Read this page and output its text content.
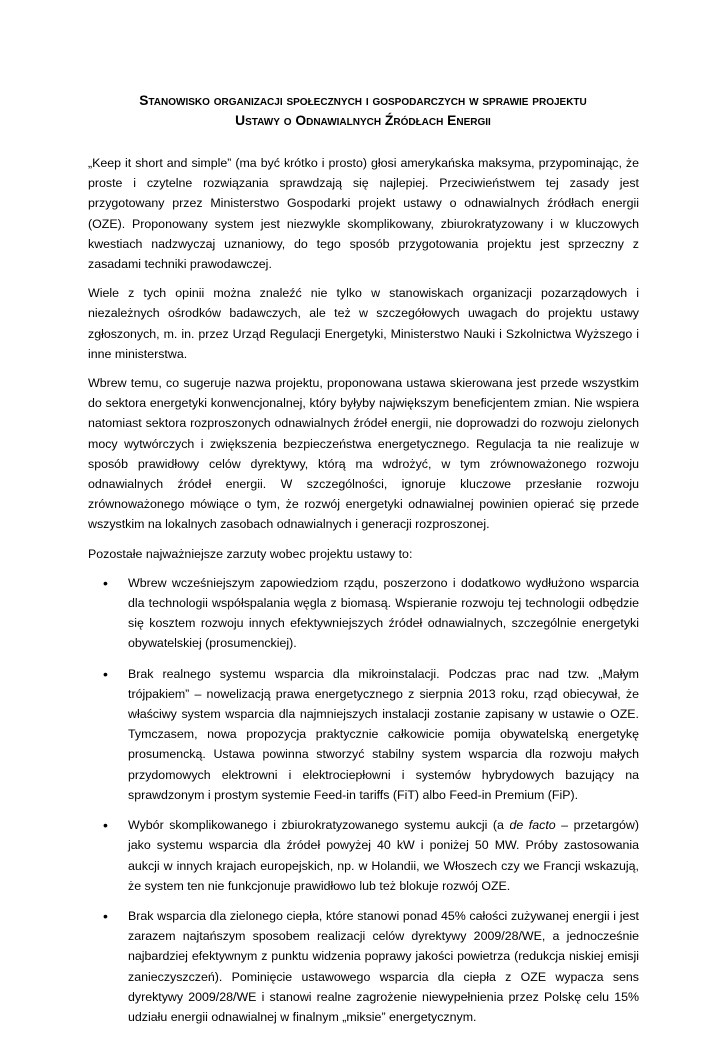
Stanowisko organizacji społecznych i gospodarczych w sprawie projektu
Ustawy o Odnawialnych Źródłach Energii

„Keep it short and simple” (ma być krótko i prosto) głosi amerykańska maksyma, przypominając, że proste i czytelne rozwiązania sprawdzają się najlepiej. Przeciwieństwem tej zasady jest przygotowany przez Ministerstwo Gospodarki projekt ustawy o odnawialnych źródłach energii (OZE). Proponowany system jest niezwykle skomplikowany, zbiurokratyzowany i w kluczowych kwestiach nadzwyczaj uznaniowy, do tego sposób przygotowania projektu jest sprzeczny z zasadami techniki prawodawczej.

Wiele z tych opinii można znaleźć nie tylko w stanowiskach organizacji pozarządowych i niezależnych ośrodków badawczych, ale też w szczegółowych uwagach do projektu ustawy zgłoszonych, m. in. przez Urząd Regulacji Energetyki, Ministerstwo Nauki i Szkolnictwa Wyższego i inne ministerstwa.

Wbrew temu, co sugeruje nazwa projektu, proponowana ustawa skierowana jest przede wszystkim do sektora energetyki konwencjonalnej, który byłyby największym beneficjentem zmian. Nie wspiera natomiast sektora rozproszonych odnawialnych źródeł energii, nie doprowadzi do rozwoju zielonych mocy wytwórczych i zwiększenia bezpieczeństwa energetycznego. Regulacja ta nie realizuje w sposób prawidłowy celów dyrektywy, którą ma wdrożyć, w tym zrównoważonego rozwoju odnawialnych źródeł energii. W szczególności, ignoruje kluczowe przesłanie rozwoju zrównoważonego mówiące o tym, że rozwój energetyki odnawialnej powinien opierać się przede wszystkim na lokalnych zasobach odnawialnych i generacji rozproszonej.

Pozostałe najważniejsze zarzuty wobec projektu ustawy to:

• Wbrew wcześniejszym zapowiedziom rządu, poszerzono i dodatkowo wydłużono wsparcia dla technologii współspalania węgla z biomasą. Wspieranie rozwoju tej technologii odbędzie się kosztem rozwoju innych efektywniejszych źródeł odnawialnych, szczególnie energetyki obywatelskiej (prosumenckiej).
• Brak realnego systemu wsparcia dla mikroinstalacji. Podczas prac nad tzw. „Małym trójpakiem” – nowelizacją prawa energetycznego z sierpnia 2013 roku, rząd obiecywał, że właściwy system wsparcia dla najmniejszych instalacji zostanie zapisany w ustawie o OZE. Tymczasem, nowa propozycja praktycznie całkowicie pomija obywatelską energetykę prosumencką. Ustawa powinna stworzyć stabilny system wsparcia dla rozwoju małych przydomowych elektrowni i elektrociepłowni i systemów hybrydowych bazujący na sprawdzonym i prostym systemie Feed-in tariffs (FiT) albo Feed-in Premium (FiP).
• Wybór skomplikowanego i zbiurokratyzowanego systemu aukcji (a de facto – przetargów) jako systemu wsparcia dla źródeł powyżej 40 kW i poniżej 50 MW. Próby zastosowania aukcji w innych krajach europejskich, np. w Holandii, we Włoszech czy we Francji wskazują, że system ten nie funkcjonuje prawidłowo lub też blokuje rozwój OZE.
• Brak wsparcia dla zielonego ciepła, które stanowi ponad 45% całości zużywanej energii i jest zarazem najtańszym sposobem realizacji celów dyrektywy 2009/28/WE, a jednocześnie najbardziej efektywnym z punktu widzenia poprawy jakości powietrza (redukcja niskiej emisji zanieczyszczeń). Pominięcie ustawowego wsparcia dla ciepła z OZE wypacza sens dyrektywy 2009/28/WE i stanowi realne zagrożenie niewypełnienia przez Polskę celu 15% udziału energii odnawialnej w finalnym „miksie” energetycznym.
